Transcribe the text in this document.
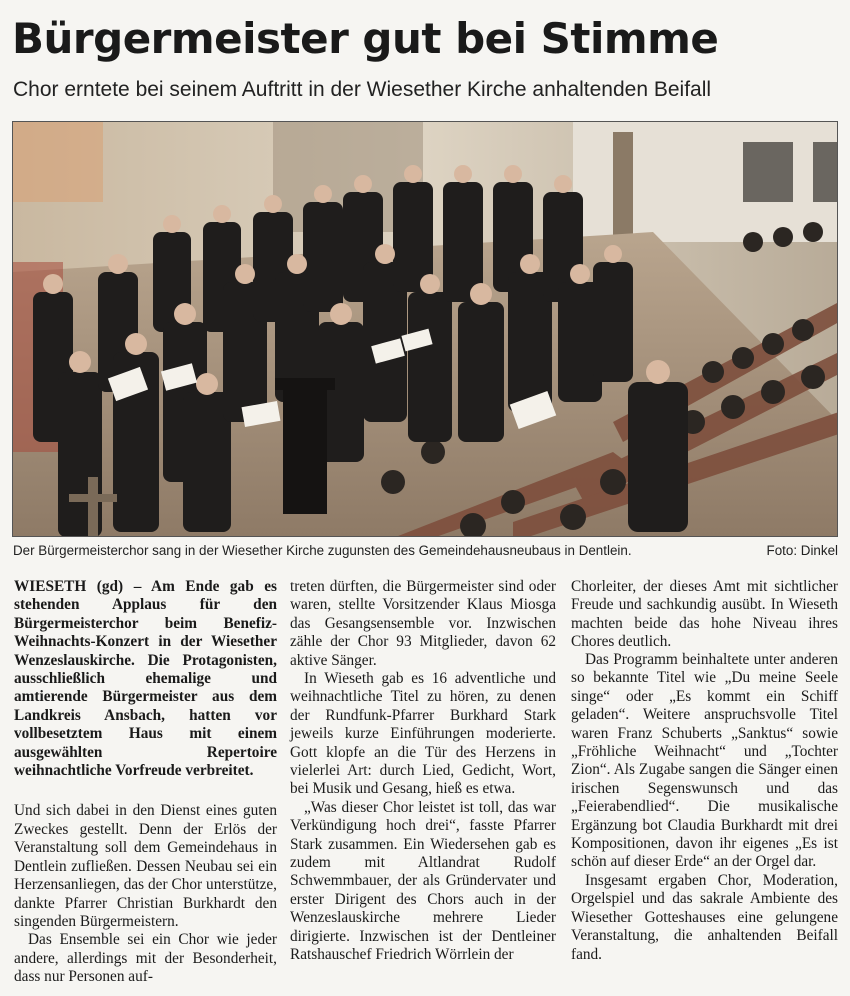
Bürgermeister gut bei Stimme
Chor erntete bei seinem Auftritt in der Wiesether Kirche anhaltenden Beifall
Der Bürgermeisterchor sang in der Wiesether Kirche zugunsten des Gemeindehausneubaus in Dentlein.	Foto: Dinkel

WIESETH (gd) – Am Ende gab es stehenden Applaus für den Bürgermeisterchor beim Benefiz-Weihnachts-Konzert in der Wiesether Wenzeslauskirche. Die Protagonisten, ausschließlich ehemalige und amtierende Bürgermeister aus dem Landkreis Ansbach, hatten vor vollbesetztem Haus mit einem ausgewählten Repertoire weihnachtliche Vorfreude verbreitet.

Und sich dabei in den Dienst eines guten Zweckes gestellt. Denn der Erlös der Veranstaltung soll dem Gemeindehaus in Dentlein zufließen. Dessen Neubau sei ein Herzensanliegen, das der Chor unterstütze, dankte Pfarrer Christian Burkhardt den singenden Bürgermeistern.

Das Ensemble sei ein Chor wie jeder andere, allerdings mit der Besonderheit, dass nur Personen auf-

treten dürften, die Bürgermeister sind oder waren, stellte Vorsitzender Klaus Miosga das Gesangsensemble vor. Inzwischen zähle der Chor 93 Mitglieder, davon 62 aktive Sänger.

In Wieseth gab es 16 adventliche und weihnachtliche Titel zu hören, zu denen der Rundfunk-Pfarrer Burkhard Stark jeweils kurze Einführungen moderierte. Gott klopfe an die Tür des Herzens in vielerlei Art: durch Lied, Gedicht, Wort, bei Musik und Gesang, hieß es etwa.

„Was dieser Chor leistet ist toll, das war Verkündigung hoch drei“, fasste Pfarrer Stark zusammen. Ein Wiedersehen gab es zudem mit Altlandrat Rudolf Schwemmbauer, der als Gründervater und erster Dirigent des Chors auch in der Wenzeslauskirche mehrere Lieder dirigierte. Inzwischen ist der Dentleiner Ratshauschef Friedrich Wörrlein der

Chorleiter, der dieses Amt mit sichtlicher Freude und sachkundig ausübt. In Wieseth machten beide das hohe Niveau ihres Chores deutlich.

Das Programm beinhaltete unter anderen so bekannte Titel wie „Du meine Seele singe“ oder „Es kommt ein Schiff geladen“. Weitere anspruchsvolle Titel waren Franz Schuberts „Sanktus“ sowie „Fröhliche Weihnacht“ und „Tochter Zion“. Als Zugabe sangen die Sänger einen irischen Segenswunsch und das „Feierabendlied“. Die musikalische Ergänzung bot Claudia Burkhardt mit drei Kompositionen, davon ihr eigenes „Es ist schön auf dieser Erde“ an der Orgel dar.

Insgesamt ergaben Chor, Moderation, Orgelspiel und das sakrale Ambiente des Wiesether Gotteshauses eine gelungene Veranstaltung, die anhaltenden Beifall fand.
